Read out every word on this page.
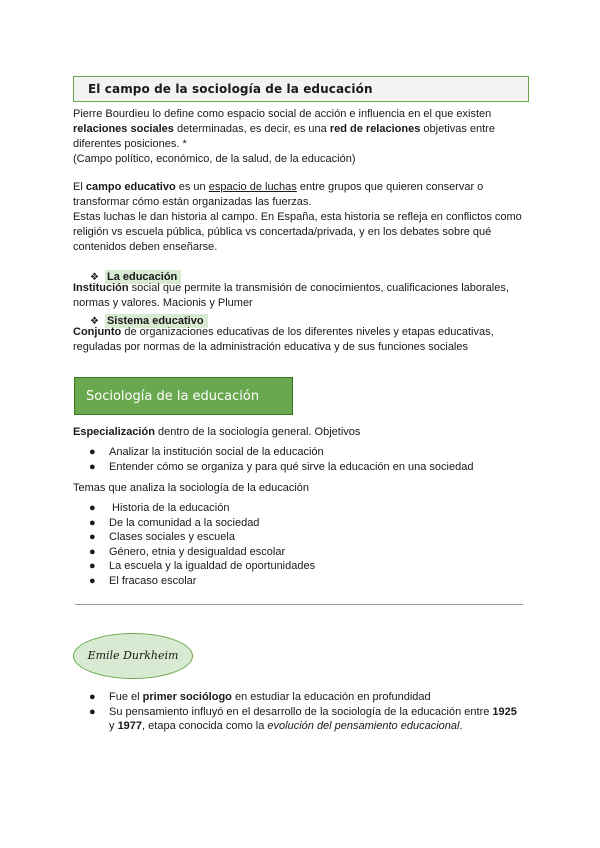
El campo de la sociología de la educación

Pierre Bourdieu lo define como espacio social de acción e influencia en el que existen

relaciones sociales determinadas, es decir, es una red de relaciones objetivas entre

diferentes posiciones. *

(Campo político, económico, de la salud, de la educación)

El campo educativo es un espacio de luchas entre grupos que quieren conservar o

transformar cómo están organizadas las fuerzas.

Estas luchas le dan historia al campo. En España, esta historia se refleja en conflictos como

religión vs escuela pública, pública vs concertada/privada, y en los debates sobre qué

contenidos deben enseñarse.

❖ La educación

Institución social que permite la transmisión de conocimientos, cualificaciones laborales,

normas y valores. Macionis y Plumer

❖ Sistema educativo

Conjunto de organizaciones educativas de los diferentes niveles y etapas educativas,

reguladas por normas de la administración educativa y de sus funciones sociales

Sociología de la educación

Especialización dentro de la sociología general. Objetivos

● Analizar la institución social de la educación
● Entender cómo se organiza y para qué sirve la educación en una sociedad

Temas que analiza la sociología de la educación

● Historia de la educación
● De la comunidad a la sociedad
● Clases sociales y escuela
● Género, etnia y desigualdad escolar
● La escuela y la igualdad de oportunidades
● El fracaso escolar
Emile Durkheim
● Fue el primer sociólogo en estudiar la educación en profundidad
● Su pensamiento influyó en el desarrollo de la sociología de la educación entre 1925
y 1977, etapa conocida como la evolución del pensamiento educacional.
